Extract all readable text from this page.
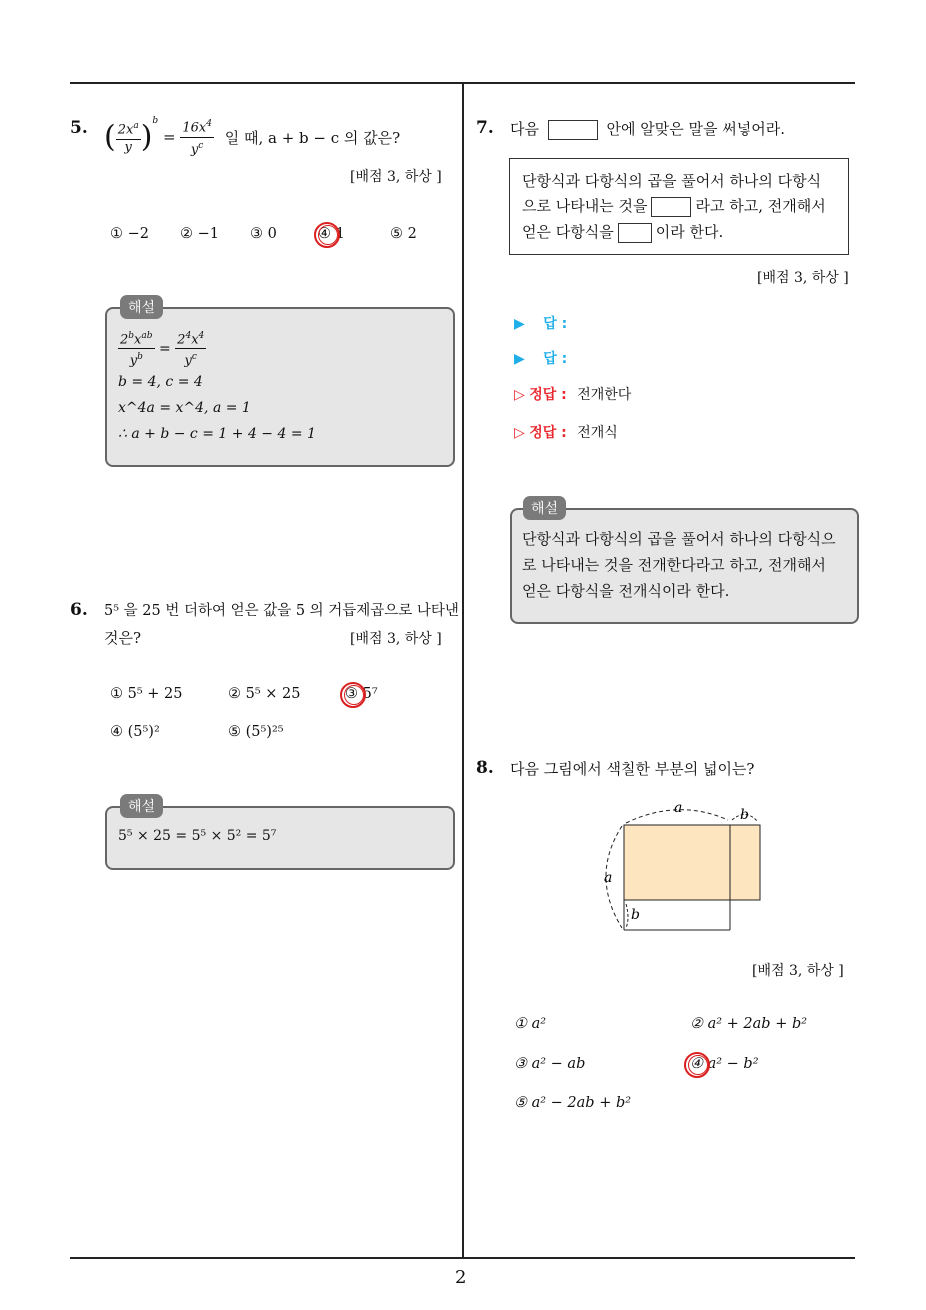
2
5. ( $\frac{2x^a}{y} )^b = \frac{16x^4}{y^c}$ 일 때, a + b − c 의 값은?
[배점 3, 하상 ]
① −2 ② −1 ③ 0	④ 1	⑤ 2
해설
$\frac{2^bx^{ab}}{y^b} = \frac{2^4x^4}{y^c}$
b = 4, c = 4
x^4a = x^4, a = 1
∴ a + b − c = 1 + 4 − 4 = 1
6. 5⁵ 을 25 번 더하여 얻은 값을 5 의 거듭제곱으로 나타낸
것은?	[배점 3, 하상 ]
① 5⁵ + 25	② 5⁵ × 25	③ 5⁷
④ (5⁵)²	⑤ (5⁵)²⁵
해설
5⁵ × 25 = 5⁵ × 5² = 5⁷
7. 다음	안에 알맞은 말을 써넣어라.
단항식과 다항식의 곱을 풀어서 하나의 다항식
으로 나타내는 것을	라고 하고, 전개해서
얻은 다항식을	이라 한다.
[배점 3, 하상 ]
▶ 답 :
▶ 답 :
▷ 정답 : 전개한다
▷ 정답 : 전개식
해설
단항식과 다항식의 곱을 풀어서 하나의 다항식으
로 나타내는 것을 전개한다라고 하고, 전개해서
얻은 다항식을 전개식이라 한다.
8. 다음 그림에서 색칠한 부분의 넓이는?
a	b
a
b
[배점 3, 하상 ]
① a²	② a² + 2ab + b²
③ a² − ab	④ a² − b²
⑤ a² − 2ab + b²
